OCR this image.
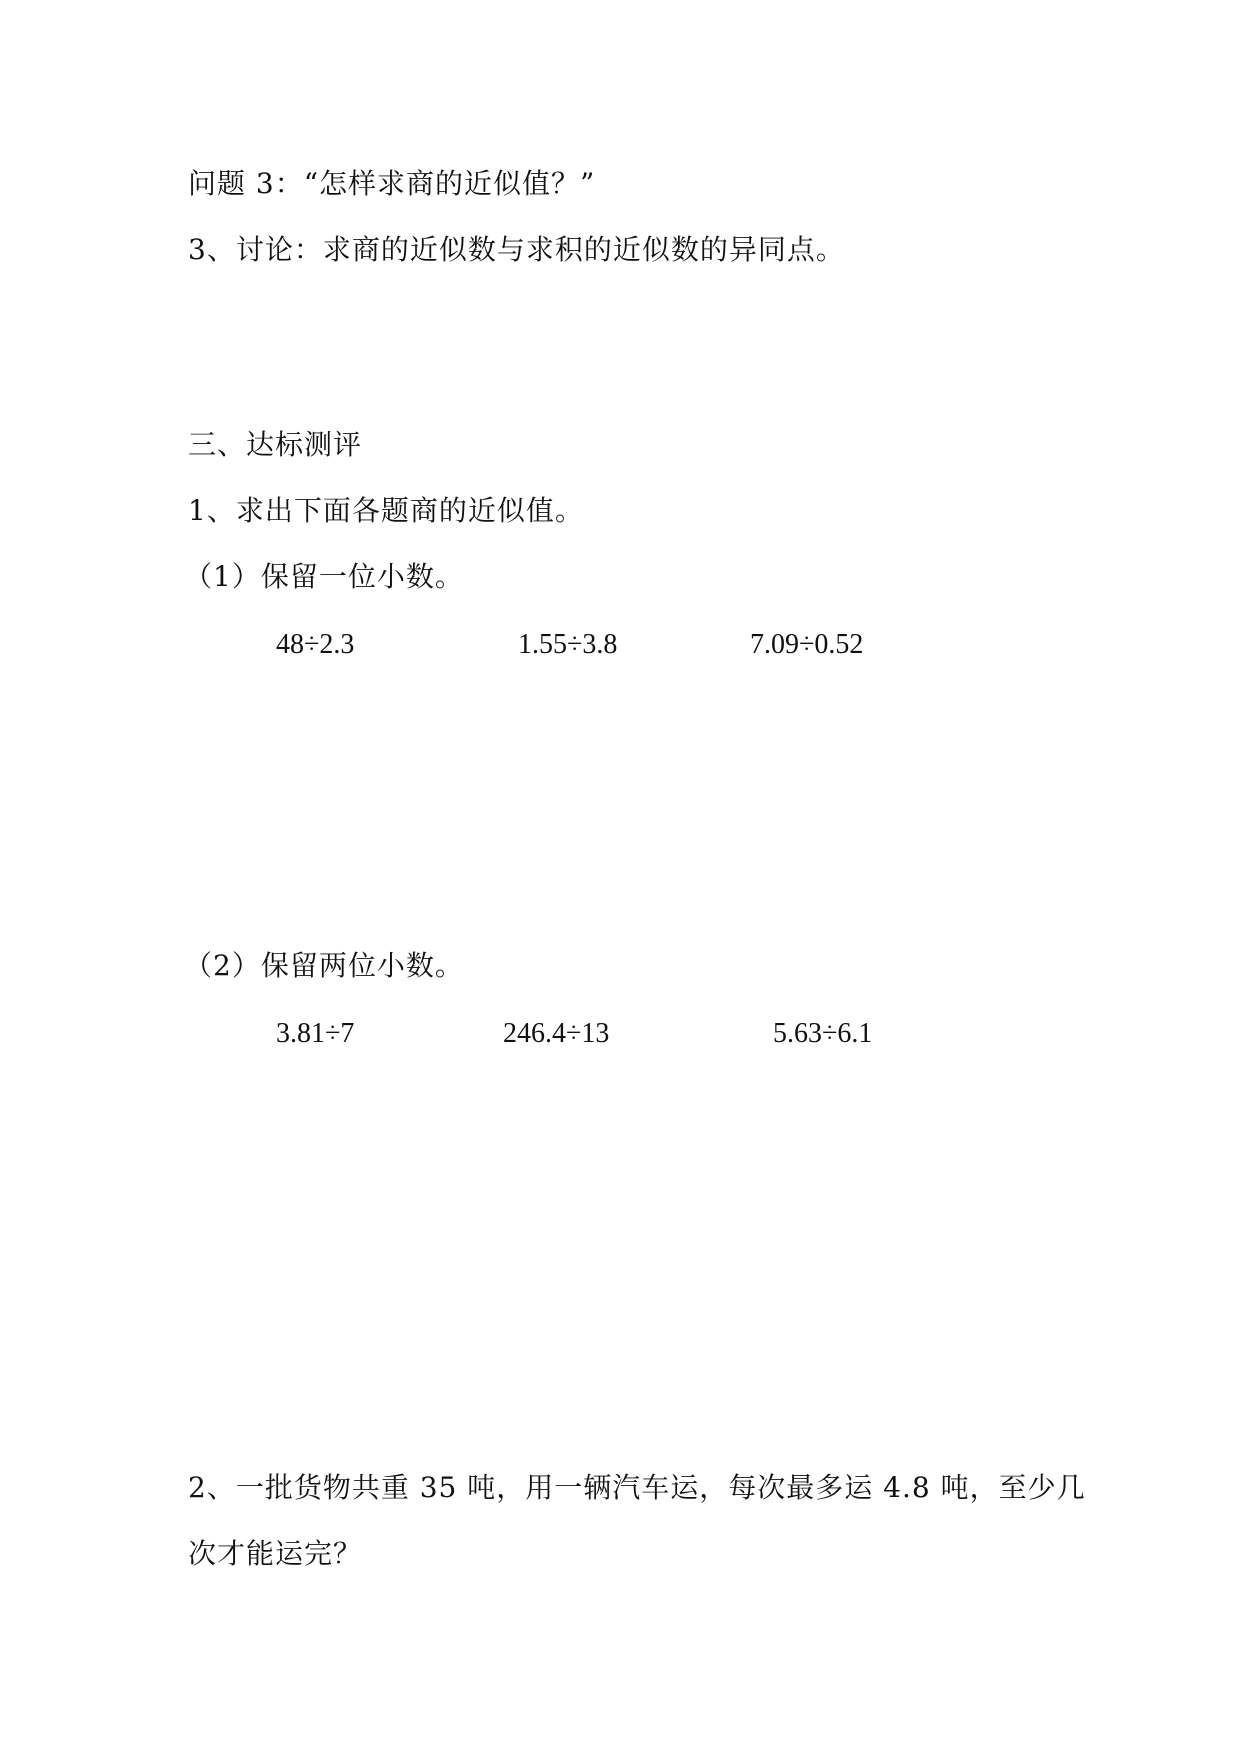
问题 3：“怎样求商的近似值？”
3、讨论：求商的近似数与求积的近似数的异同点。
三、达标测评
1、求出下面各题商的近似值。
（1）保留一位小数。
48÷2.3	1.55÷3.8	7.09÷0.52
（2）保留两位小数。
3.81÷7	246.4÷13	5.63÷6.1
2、一批货物共重 35 吨，用一辆汽车运，每次最多运 4.8 吨，至少几
次才能运完？
